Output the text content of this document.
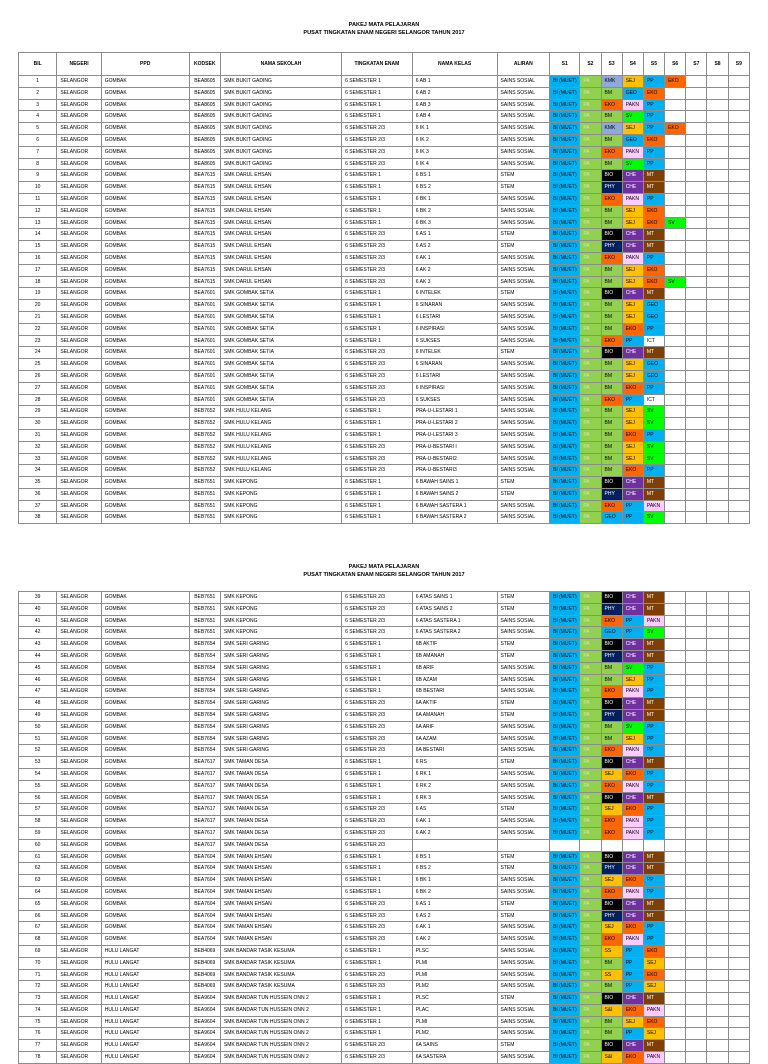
PAKEJ MATA PELAJARAN
PUSAT TINGKATAN ENAM NEGERI SELANGOR TAHUN 2017
BIL	NEGERI	PPD	KODSEK	NAMA SEKOLAH	TINGKATAN ENAM	NAMA KELAS	ALIRAN	S1	S2	S3	S4	S5	S6	S7	S8	S9
1	SELANGOR	GOMBAK	BEA8605	SMK BUKIT GADING	6 SEMESTER 1	6 AB 1	SAINS SOSIAL	BI (MUET)	PA	KMK	SEJ	PP	EKO			
2	SELANGOR	GOMBAK	BEA8605	SMK BUKIT GADING	6 SEMESTER 1	6 AB 2	SAINS SOSIAL	BI (MUET)	PA	BM	GEO	EKO				
3	SELANGOR	GOMBAK	BEA8605	SMK BUKIT GADING	6 SEMESTER 1	6 AB 3	SAINS SOSIAL	BI (MUET)	PA	EKO	PAKN	PP				
4	SELANGOR	GOMBAK	BEA8605	SMK BUKIT GADING	6 SEMESTER 1	6 AB 4	SAINS SOSIAL	BI (MUET)	PA	BM	SV	PP				
5	SELANGOR	GOMBAK	BEA8605	SMK BUKIT GADING	6 SEMESTER 2/3	6 IK 1	SAINS SOSIAL	BI (MUET)	PA	KMK	SEJ	PP	EKO			
6	SELANGOR	GOMBAK	BEA8605	SMK BUKIT GADING	6 SEMESTER 2/3	6 IK 2	SAINS SOSIAL	BI (MUET)	PA	BM	GEO	EKO				
7	SELANGOR	GOMBAK	BEA8605	SMK BUKIT GADING	6 SEMESTER 2/3	6 IK 3	SAINS SOSIAL	BI (MUET)	PA	EKO	PAKN	PP				
8	SELANGOR	GOMBAK	BEA8605	SMK BUKIT GADING	6 SEMESTER 2/3	6 IK 4	SAINS SOSIAL	BI (MUET)	PA	BM	SV	PP				
9	SELANGOR	GOMBAK	BEA7615	SMK DARUL EHSAN	6 SEMESTER 1	6 BS 1	STEM	BI (MUET)	PA	BIO	CHE	MT				
10	SELANGOR	GOMBAK	BEA7615	SMK DARUL EHSAN	6 SEMESTER 1	6 BS 2	STEM	BI (MUET)	PA	PHY	CHE	MT				
11	SELANGOR	GOMBAK	BEA7615	SMK DARUL EHSAN	6 SEMESTER 1	6 BK 1	SAINS SOSIAL	BI (MUET)	PA	EKO	PAKN	PP				
12	SELANGOR	GOMBAK	BEA7615	SMK DARUL EHSAN	6 SEMESTER 1	6 BK 2	SAINS SOSIAL	BI (MUET)	PA	BM	SEJ	EKO				
13	SELANGOR	GOMBAK	BEA7615	SMK DARUL EHSAN	6 SEMESTER 1	6 BK 3	SAINS SOSIAL	BI (MUET)	PA	BM	SEJ	EKO	SV			
14	SELANGOR	GOMBAK	BEA7615	SMK DARUL EHSAN	6 SEMESTER 2/3	6 AS 1	STEM	BI (MUET)	PA	BIO	CHE	MT				
15	SELANGOR	GOMBAK	BEA7615	SMK DARUL EHSAN	6 SEMESTER 2/3	6 AS 2	STEM	BI (MUET)	PA	PHY	CHE	MT				
16	SELANGOR	GOMBAK	BEA7615	SMK DARUL EHSAN	6 SEMESTER 2/3	6 AK 1	SAINS SOSIAL	BI (MUET)	PA	EKO	PAKN	PP				
17	SELANGOR	GOMBAK	BEA7615	SMK DARUL EHSAN	6 SEMESTER 2/3	6 AK 2	SAINS SOSIAL	BI (MUET)	PA	BM	SEJ	EKO				
18	SELANGOR	GOMBAK	BEA7615	SMK DARUL EHSAN	6 SEMESTER 2/3	6 AK 3	SAINS SOSIAL	BI (MUET)	PA	BM	SEJ	EKO	SV			
19	SELANGOR	GOMBAK	BEA7601	SMK GOMBAK SETIA	6 SEMESTER 1	6 INTELEK	STEM	BI (MUET)	PA	BIO	CHE	MT				
20	SELANGOR	GOMBAK	BEA7601	SMK GOMBAK SETIA	6 SEMESTER 1	6 SINARAN	SAINS SOSIAL	BI (MUET)	PA	BM	SEJ	GEO				
21	SELANGOR	GOMBAK	BEA7601	SMK GOMBAK SETIA	6 SEMESTER 1	6 LESTARI	SAINS SOSIAL	BI (MUET)	PA	BM	SEJ	GEO				
22	SELANGOR	GOMBAK	BEA7601	SMK GOMBAK SETIA	6 SEMESTER 1	6 INSPIRASI	SAINS SOSIAL	BI (MUET)	PA	BM	EKO	PP				
23	SELANGOR	GOMBAK	BEA7601	SMK GOMBAK SETIA	6 SEMESTER 1	6 SUKSES	SAINS SOSIAL	BI (MUET)	PA	EKO	PP	ICT				
24	SELANGOR	GOMBAK	BEA7601	SMK GOMBAK SETIA	6 SEMESTER 2/3	6 INTELEK	STEM	BI (MUET)	PA	BIO	CHE	MT				
25	SELANGOR	GOMBAK	BEA7601	SMK GOMBAK SETIA	6 SEMESTER 2/3	6 SINARAN	SAINS SOSIAL	BI (MUET)	PA	BM	SEJ	GEO				
26	SELANGOR	GOMBAK	BEA7601	SMK GOMBAK SETIA	6 SEMESTER 2/3	6 LESTARI	SAINS SOSIAL	BI (MUET)	PA	BM	SEJ	GEO				
27	SELANGOR	GOMBAK	BEA7601	SMK GOMBAK SETIA	6 SEMESTER 2/3	6 INSPIRASI	SAINS SOSIAL	BI (MUET)	PA	BM	EKO	PP				
28	SELANGOR	GOMBAK	BEA7601	SMK GOMBAK SETIA	6 SEMESTER 2/3	6 SUKSES	SAINS SOSIAL	BI (MUET)	PA	EKO	PP	ICT				
29	SELANGOR	GOMBAK	BEB7652	SMK HULU KELANG	6 SEMESTER 1	PRA-U-LESTARI 1	SAINS SOSIAL	BI (MUET)	PA	BM	SEJ	SV				
30	SELANGOR	GOMBAK	BEB7652	SMK HULU KELANG	6 SEMESTER 1	PRA-U-LESTARI 2	SAINS SOSIAL	BI (MUET)	PA	BM	SEJ	SV				
31	SELANGOR	GOMBAK	BEB7652	SMK HULU KELANG	6 SEMESTER 1	PRA-U-LESTARI 3	SAINS SOSIAL	BI (MUET)	PA	BM	EKO	PP				
32	SELANGOR	GOMBAK	BEB7652	SMK HULU KELANG	6 SEMESTER 2/3	PRA-U-BESTARI I	SAINS SOSIAL	BI (MUET)	PA	BM	SEJ	SV				
33	SELANGOR	GOMBAK	BEB7652	SMK HULU KELANG	6 SEMESTER 2/3	PRA-U-BESTARI2	SAINS SOSIAL	BI (MUET)	PA	BM	SEJ	SV				
34	SELANGOR	GOMBAK	BEB7652	SMK HULU KELANG	6 SEMESTER 2/3	PRA-U-BESTARI3	SAINS SOSIAL	BI (MUET)	PA	BM	EKO	PP				
35	SELANGOR	GOMBAK	BEB7651	SMK KEPONG	6 SEMESTER 1	6 BAWAH SAINS 1	STEM	BI (MUET)	PA	BIO	CHE	MT				
36	SELANGOR	GOMBAK	BEB7651	SMK KEPONG	6 SEMESTER 1	6 BAWAH SAINS 2	STEM	BI (MUET)	PA	PHY	CHE	MT				
37	SELANGOR	GOMBAK	BEB7651	SMK KEPONG	6 SEMESTER 1	6 BAWAH SASTERA 1	SAINS SOSIAL	BI (MUET)	PA	EKO	PP	PAKN				
38	SELANGOR	GOMBAK	BEB7651	SMK KEPONG	6 SEMESTER 1	6 BAWAH SASTERA 2	SAINS SOSIAL	BI (MUET)	PA	GEO	PP	SV				
PAKEJ MATA PELAJARAN
PUSAT TINGKATAN ENAM NEGERI SELANGOR TAHUN 2017
39	SELANGOR	GOMBAK	BEB7651	SMK KEPONG	6 SEMESTER 2/3	6 ATAS SAINS 1	STEM	BI (MUET)	PA	BIO	CHE	MT				
40	SELANGOR	GOMBAK	BEB7651	SMK KEPONG	6 SEMESTER 2/3	6 ATAS SAINS 2	STEM	BI (MUET)	PA	PHY	CHE	MT				
41	SELANGOR	GOMBAK	BEB7651	SMK KEPONG	6 SEMESTER 2/3	6 ATAS SASTERA 1	SAINS SOSIAL	BI (MUET)	PA	EKO	PP	PAKN				
42	SELANGOR	GOMBAK	BEB7651	SMK KEPONG	6 SEMESTER 2/3	6 ATAS SASTERA 2	SAINS SOSIAL	BI (MUET)	PA	GEO	PP	SV				
43	SELANGOR	GOMBAK	BEB7654	SMK SERI GARING	6 SEMESTER 1	6B AKTIF	STEM	BI (MUET)	PA	BIO	CHE	MT				
44	SELANGOR	GOMBAK	BEB7654	SMK SERI GARING	6 SEMESTER 1	6B AMANAH	STEM	BI (MUET)	PA	PHY	CHE	MT				
45	SELANGOR	GOMBAK	BEB7654	SMK SERI GARING	6 SEMESTER 1	6B ARIF	SAINS SOSIAL	BI (MUET)	PA	BM	SV	PP				
46	SELANGOR	GOMBAK	BEB7654	SMK SERI GARING	6 SEMESTER 1	6B AZAM	SAINS SOSIAL	BI (MUET)	PA	BM	SEJ	PP				
47	SELANGOR	GOMBAK	BEB7654	SMK SERI GARING	6 SEMESTER 1	6B BESTARI	SAINS SOSIAL	BI (MUET)	PA	EKO	PAKN	PP				
48	SELANGOR	GOMBAK	BEB7654	SMK SERI GARING	6 SEMESTER 2/3	6A AKTIF	STEM	BI (MUET)	PA	BIO	CHE	MT				
49	SELANGOR	GOMBAK	BEB7654	SMK SERI GARING	6 SEMESTER 2/3	6A AMANAH	STEM	BI (MUET)	PA	PHY	CHE	MT				
50	SELANGOR	GOMBAK	BEB7654	SMK SERI GARING	6 SEMESTER 2/3	6A ARIF	SAINS SOSIAL	BI (MUET)	PA	BM	SV	PP				
51	SELANGOR	GOMBAK	BEB7654	SMK SERI GARING	6 SEMESTER 2/3	6A AZAM	SAINS SOSIAL	BI (MUET)	PA	BM	SEJ	PP				
52	SELANGOR	GOMBAK	BEB7654	SMK SERI GARING	6 SEMESTER 2/3	6A BESTARI	SAINS SOSIAL	BI (MUET)	PA	EKO	PAKN	PP				
53	SELANGOR	GOMBAK	BEA7617	SMK TAMAN DESA	6 SEMESTER 1	6 RS	STEM	BI (MUET)	PA	BIO	CHE	MT				
54	SELANGOR	GOMBAK	BEA7617	SMK TAMAN DESA	6 SEMESTER 1	6 RK 1	SAINS SOSIAL	BI (MUET)	PA	SEJ	EKO	PP				
55	SELANGOR	GOMBAK	BEA7617	SMK TAMAN DESA	6 SEMESTER 1	6 RK 2	SAINS SOSIAL	BI (MUET)	PA	EKO	PAKN	PP				
56	SELANGOR	GOMBAK	BEA7617	SMK TAMAN DESA	6 SEMESTER 1	6 RK 3	SAINS SOSIAL	BI (MUET)	PA	BIO	CHE	MT				
57	SELANGOR	GOMBAK	BEA7617	SMK TAMAN DESA	6 SEMESTER 2/3	6 AS	STEM	BI (MUET)	PA	SEJ	EKO	PP				
58	SELANGOR	GOMBAK	BEA7617	SMK TAMAN DESA	6 SEMESTER 2/3	6 AK 1	SAINS SOSIAL	BI (MUET)	PA	EKO	PAKN	PP				
59	SELANGOR	GOMBAK	BEA7617	SMK TAMAN DESA	6 SEMESTER 2/3	6 AK 2	SAINS SOSIAL	BI (MUET)	PA	EKO	PAKN	PP				
60	SELANGOR	GOMBAK	BEA7617	SMK TAMAN DESA	6 SEMESTER 2/3											
61	SELANGOR	GOMBAK	BEA7604	SMK TAMAN EHSAN	6 SEMESTER 1	6 BS 1	STEM	BI (MUET)	PA	BIO	CHE	MT				
62	SELANGOR	GOMBAK	BEA7604	SMK TAMAN EHSAN	6 SEMESTER 1	6 BS 2	STEM	BI (MUET)	PA	PHY	CHE	MT				
63	SELANGOR	GOMBAK	BEA7604	SMK TAMAN EHSAN	6 SEMESTER 1	6 BK 1	SAINS SOSIAL	BI (MUET)	PA	SEJ	EKO	PP				
64	SELANGOR	GOMBAK	BEA7604	SMK TAMAN EHSAN	6 SEMESTER 1	6 BK 2	SAINS SOSIAL	BI (MUET)	PA	EKO	PAKN	PP				
65	SELANGOR	GOMBAK	BEA7604	SMK TAMAN EHSAN	6 SEMESTER 2/3	6 AS 1	STEM	BI (MUET)	PA	BIO	CHE	MT				
66	SELANGOR	GOMBAK	BEA7604	SMK TAMAN EHSAN	6 SEMESTER 2/3	6 AS 2	STEM	BI (MUET)	PA	PHY	CHE	MT				
67	SELANGOR	GOMBAK	BEA7604	SMK TAMAN EHSAN	6 SEMESTER 2/3	6 AK 1	SAINS SOSIAL	BI (MUET)	PA	SEJ	EKO	PP				
68	SELANGOR	GOMBAK	BEA7604	SMK TAMAN EHSAN	6 SEMESTER 2/3	6 AK 2	SAINS SOSIAL	BI (MUET)	PA	EKO	PAKN	PP				
69	SELANGOR	HULU LANGAT	BEB4069	SMK BANDAR TASIK KESUMA	6 SEMESTER 1	PLSC	SAINS SOSIAL	BI (MUET)	PA	SS	PP	EKO				
70	SELANGOR	HULU LANGAT	BEB4069	SMK BANDAR TASIK KESUMA	6 SEMESTER 1	PLMI	SAINS SOSIAL	BI (MUET)	PA	BM	PP	SEJ				
71	SELANGOR	HULU LANGAT	BEB4069	SMK BANDAR TASIK KESUMA	6 SEMESTER 2/3	PLMI	SAINS SOSIAL	BI (MUET)	PA	SS	PP	EKO				
72	SELANGOR	HULU LANGAT	BEB4069	SMK BANDAR TASIK KESUMA	6 SEMESTER 2/3	PLM2	SAINS SOSIAL	BI (MUET)	PA	BM	PP	SEJ				
73	SELANGOR	HULU LANGAT	BEA9604	SMK BANDAR TUN HUSSEIN ONN 2	6 SEMESTER 1	PLSC	STEM	BI (MUET)	PA	BIO	CHE	MT				
74	SELANGOR	HULU LANGAT	BEA9604	SMK BANDAR TUN HUSSEIN ONN 2	6 SEMESTER 1	PLAC	SAINS SOSIAL	BI (MUET)	PA	S&I	EKO	PAKN				
75	SELANGOR	HULU LANGAT	BEA9604	SMK BANDAR TUN HUSSEIN ONN 2	6 SEMESTER 1	PLMI	SAINS SOSIAL	BI (MUET)	PA	BM	SEJ	EKO				
76	SELANGOR	HULU LANGAT	BEA9604	SMK BANDAR TUN HUSSEIN ONN 2	6 SEMESTER 1	PLM2	SAINS SOSIAL	BI (MUET)	PA	BM	PP	SEJ				
77	SELANGOR	HULU LANGAT	BEA9604	SMK BANDAR TUN HUSSEIN ONN 2	6 SEMESTER 2/3	6A SAINS	STEM	BI (MUET)	PA	BIO	CHE	MT				
78	SELANGOR	HULU LANGAT	BEA9604	SMK BANDAR TUN HUSSEIN ONN 2	6 SEMESTER 2/3	6A SASTERA	SAINS SOSIAL	BI (MUET)	PA	S&I	EKO	PAKN				
